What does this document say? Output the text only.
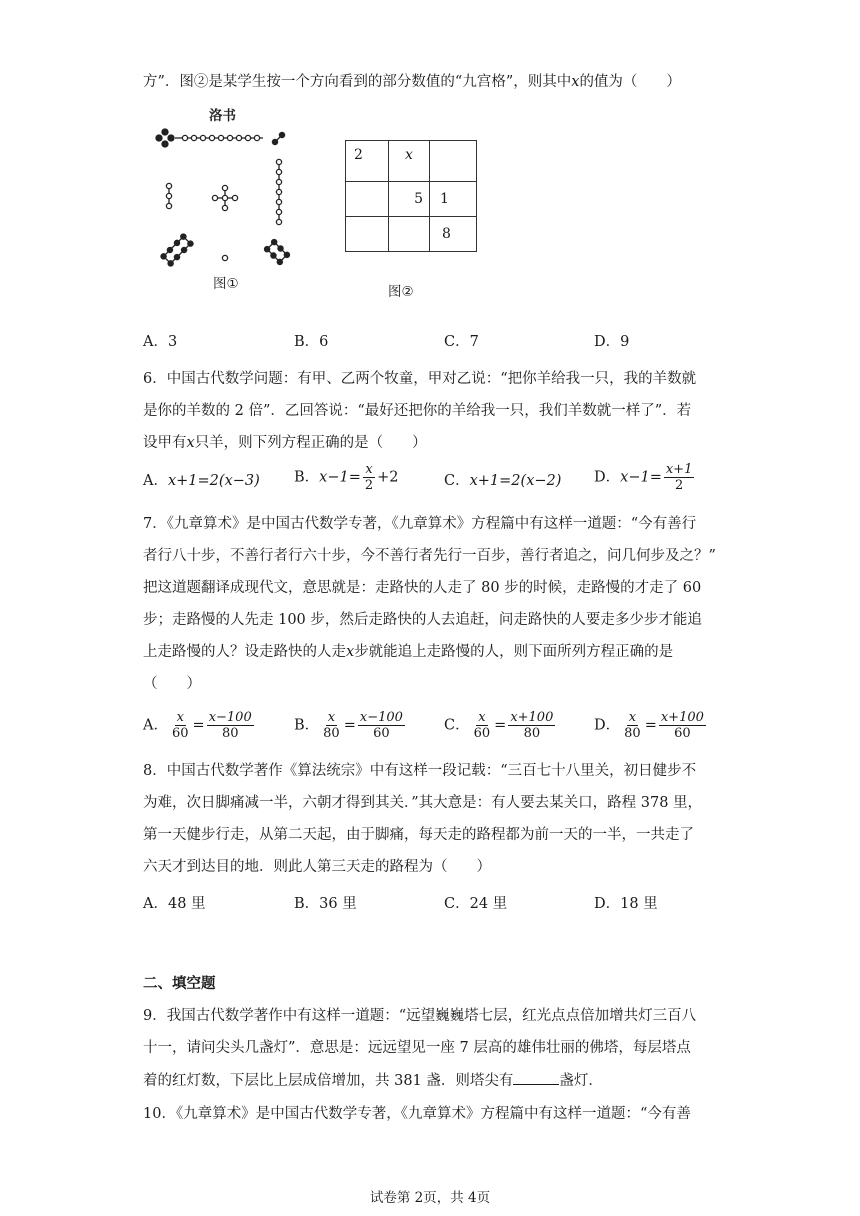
方”．图②是某学生按一个方向看到的部分数值的“九宫格”，则其中x的值为（　　）
洛书
图①
2	x	
	5	1
		8
图②
A．3	B．6	C．7	D．9
6．中国古代数学问题：有甲、乙两个牧童，甲对乙说：“把你羊给我一只，我的羊数就
是你的羊数的 2 倍”．乙回答说：“最好还把你的羊给我一只，我们羊数就一样了”．若
设甲有x只羊，则下列方程正确的是（　　）
A．x+1=2(x−3) B．$x-1= \frac{x}{2} +2$	C．x+1=2(x−2) D．$x-1= \frac{x+1}{2}$
7．《九章算术》是中国古代数学专著，《九章算术》方程篇中有这样一道题：“今有善行
者行八十步，不善行者行六十步，今不善行者先行一百步，善行者追之，问几何步及之？”
把这道题翻译成现代文，意思就是：走路快的人走了 80 步的时候，走路慢的才走了 60
步；走路慢的人先走 100 步，然后走路快的人去追赶，问走路快的人要走多少步才能追
上走路慢的人？设走路快的人走x步就能追上走路慢的人，则下面所列方程正确的是
（　　）
A． $\frac{x}{60} = \frac{x-100}{80}$	B． $\frac{x}{80} = \frac{x-100}{60}$	C． $\frac{x}{60} = \frac{x+100}{80}$	D． $\frac{x}{80} = \frac{x+100}{60}$
8．中国古代数学著作《算法统宗》中有这样一段记载：“三百七十八里关，初日健步不
为难，次日脚痛减一半，六朝才得到其关．”其大意是：有人要去某关口，路程 378 里，
第一天健步行走，从第二天起，由于脚痛，每天走的路程都为前一天的一半，一共走了
六天才到达目的地．则此人第三天走的路程为（　　）
A．48 里	B．36 里	C．24 里	D．18 里
二、填空题
9．我国古代数学著作中有这样一道题：“远望巍巍塔七层，红光点点倍加增共灯三百八
十一，请问尖头几盏灯”．意思是：远远望见一座 7 层高的雄伟壮丽的佛塔，每层塔点
着的红灯数，下层比上层成倍增加，共 381 盏．则塔尖有	盏灯．
10．《九章算术》是中国古代数学专著，《九章算术》方程篇中有这样一道题：“今有善
试卷第 2页，共 4页
